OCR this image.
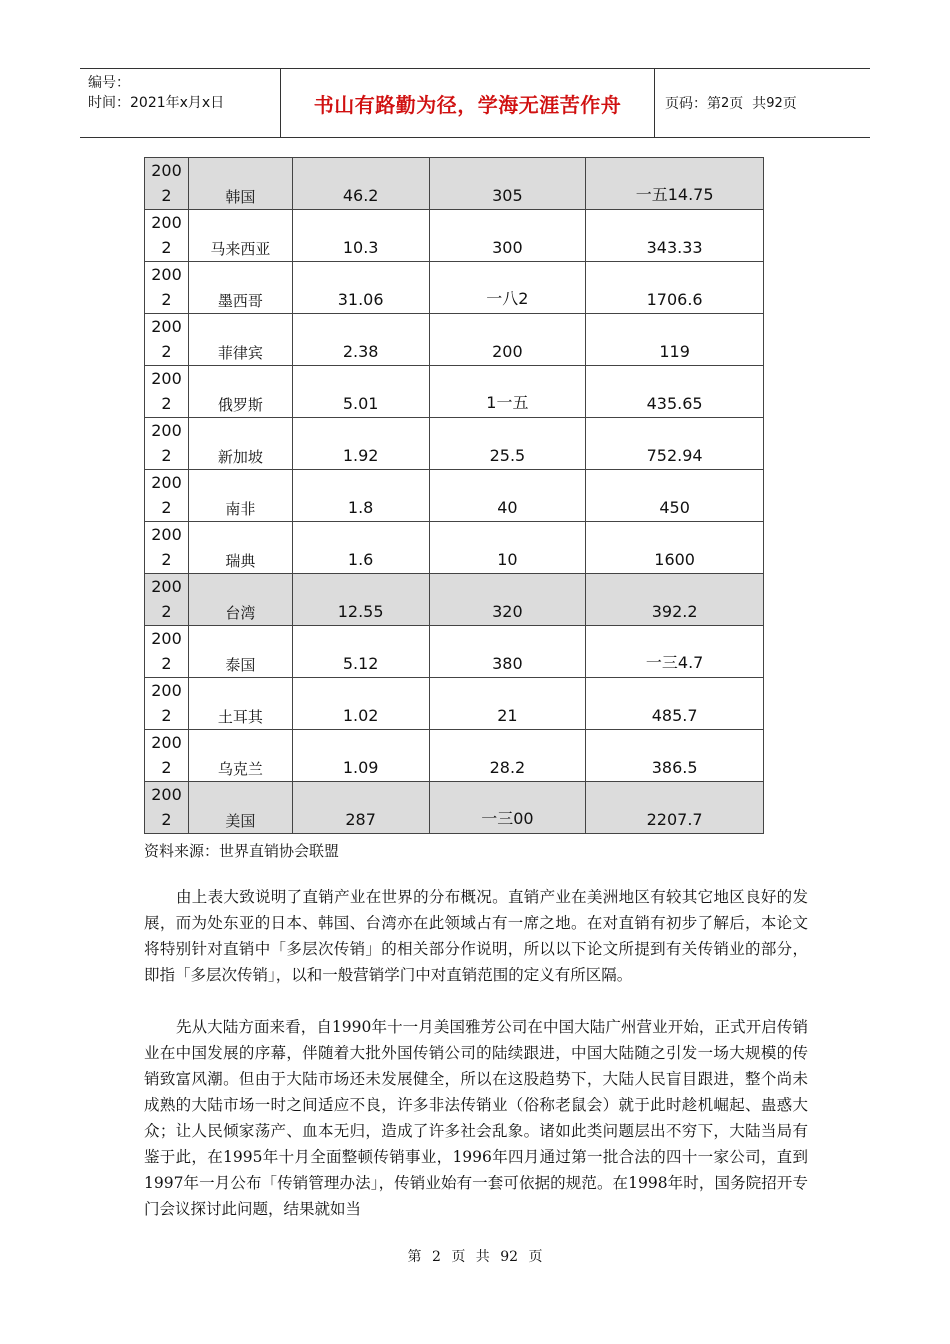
编号：
时间：2021年x月x日	书山有路勤为径，学海无涯苦作舟	页码：第 2 页  共 92 页
200
2	韩国	46.2	305	一五14.75

200
2	马来西亚	10.3	300	343.33

200
2	墨西哥	31.06	一八2	1706.6

200
2	菲律宾	2.38	200	119

200
2	俄罗斯	5.01	1一五	435.65

200
2	新加坡	1.92	25.5	752.94

200
2	南非	1.8	40	450

200
2	瑞典	1.6	10	1600

200
2	台湾	12.55	320	392.2

200
2	泰国	5.12	380	一三4.7

200
2	土耳其	1.02	21	485.7

200
2	乌克兰	1.09	28.2	386.5

200
2	美国	287	一三00	2207.7
资料来源：世界直销协会联盟

由上表大致说明了直销产业在世界的分布概况。直销产业在美洲地区有较其它地区良好的发展，而为处东亚的日本、韩国、台湾亦在此领域占有一席之地。在对直销有初步了解后，本论文将特别针对直销中「多层次传销」的相关部分作说明，所以以下论文所提到有关传销业的部分，即指「多层次传销」，以和一般营销学门中对直销范围的定义有所区隔。

先从大陆方面来看，自1990年十一月美国雅芳公司在中国大陆广州营业开始，正式开启传销业在中国发展的序幕，伴随着大批外国传销公司的陆续跟进，中国大陆随之引发一场大规模的传销致富风潮。但由于大陆市场还未发展健全，所以在这股趋势下，大陆人民盲目跟进，整个尚未成熟的大陆市场一时之间适应不良，许多非法传销业（俗称老鼠会）就于此时趁机崛起、蛊惑大众；让人民倾家荡产、血本无归，造成了许多社会乱象。诸如此类问题层出不穷下，大陆当局有鉴于此，在1995年十月全面整顿传销事业，1996年四月通过第一批合法的四十一家公司，直到1997年一月公布「传销管理办法」，传销业始有一套可依据的规范。在1998年时，国务院招开专门会议探讨此问题，结果就如当

第 2 页 共 92 页
